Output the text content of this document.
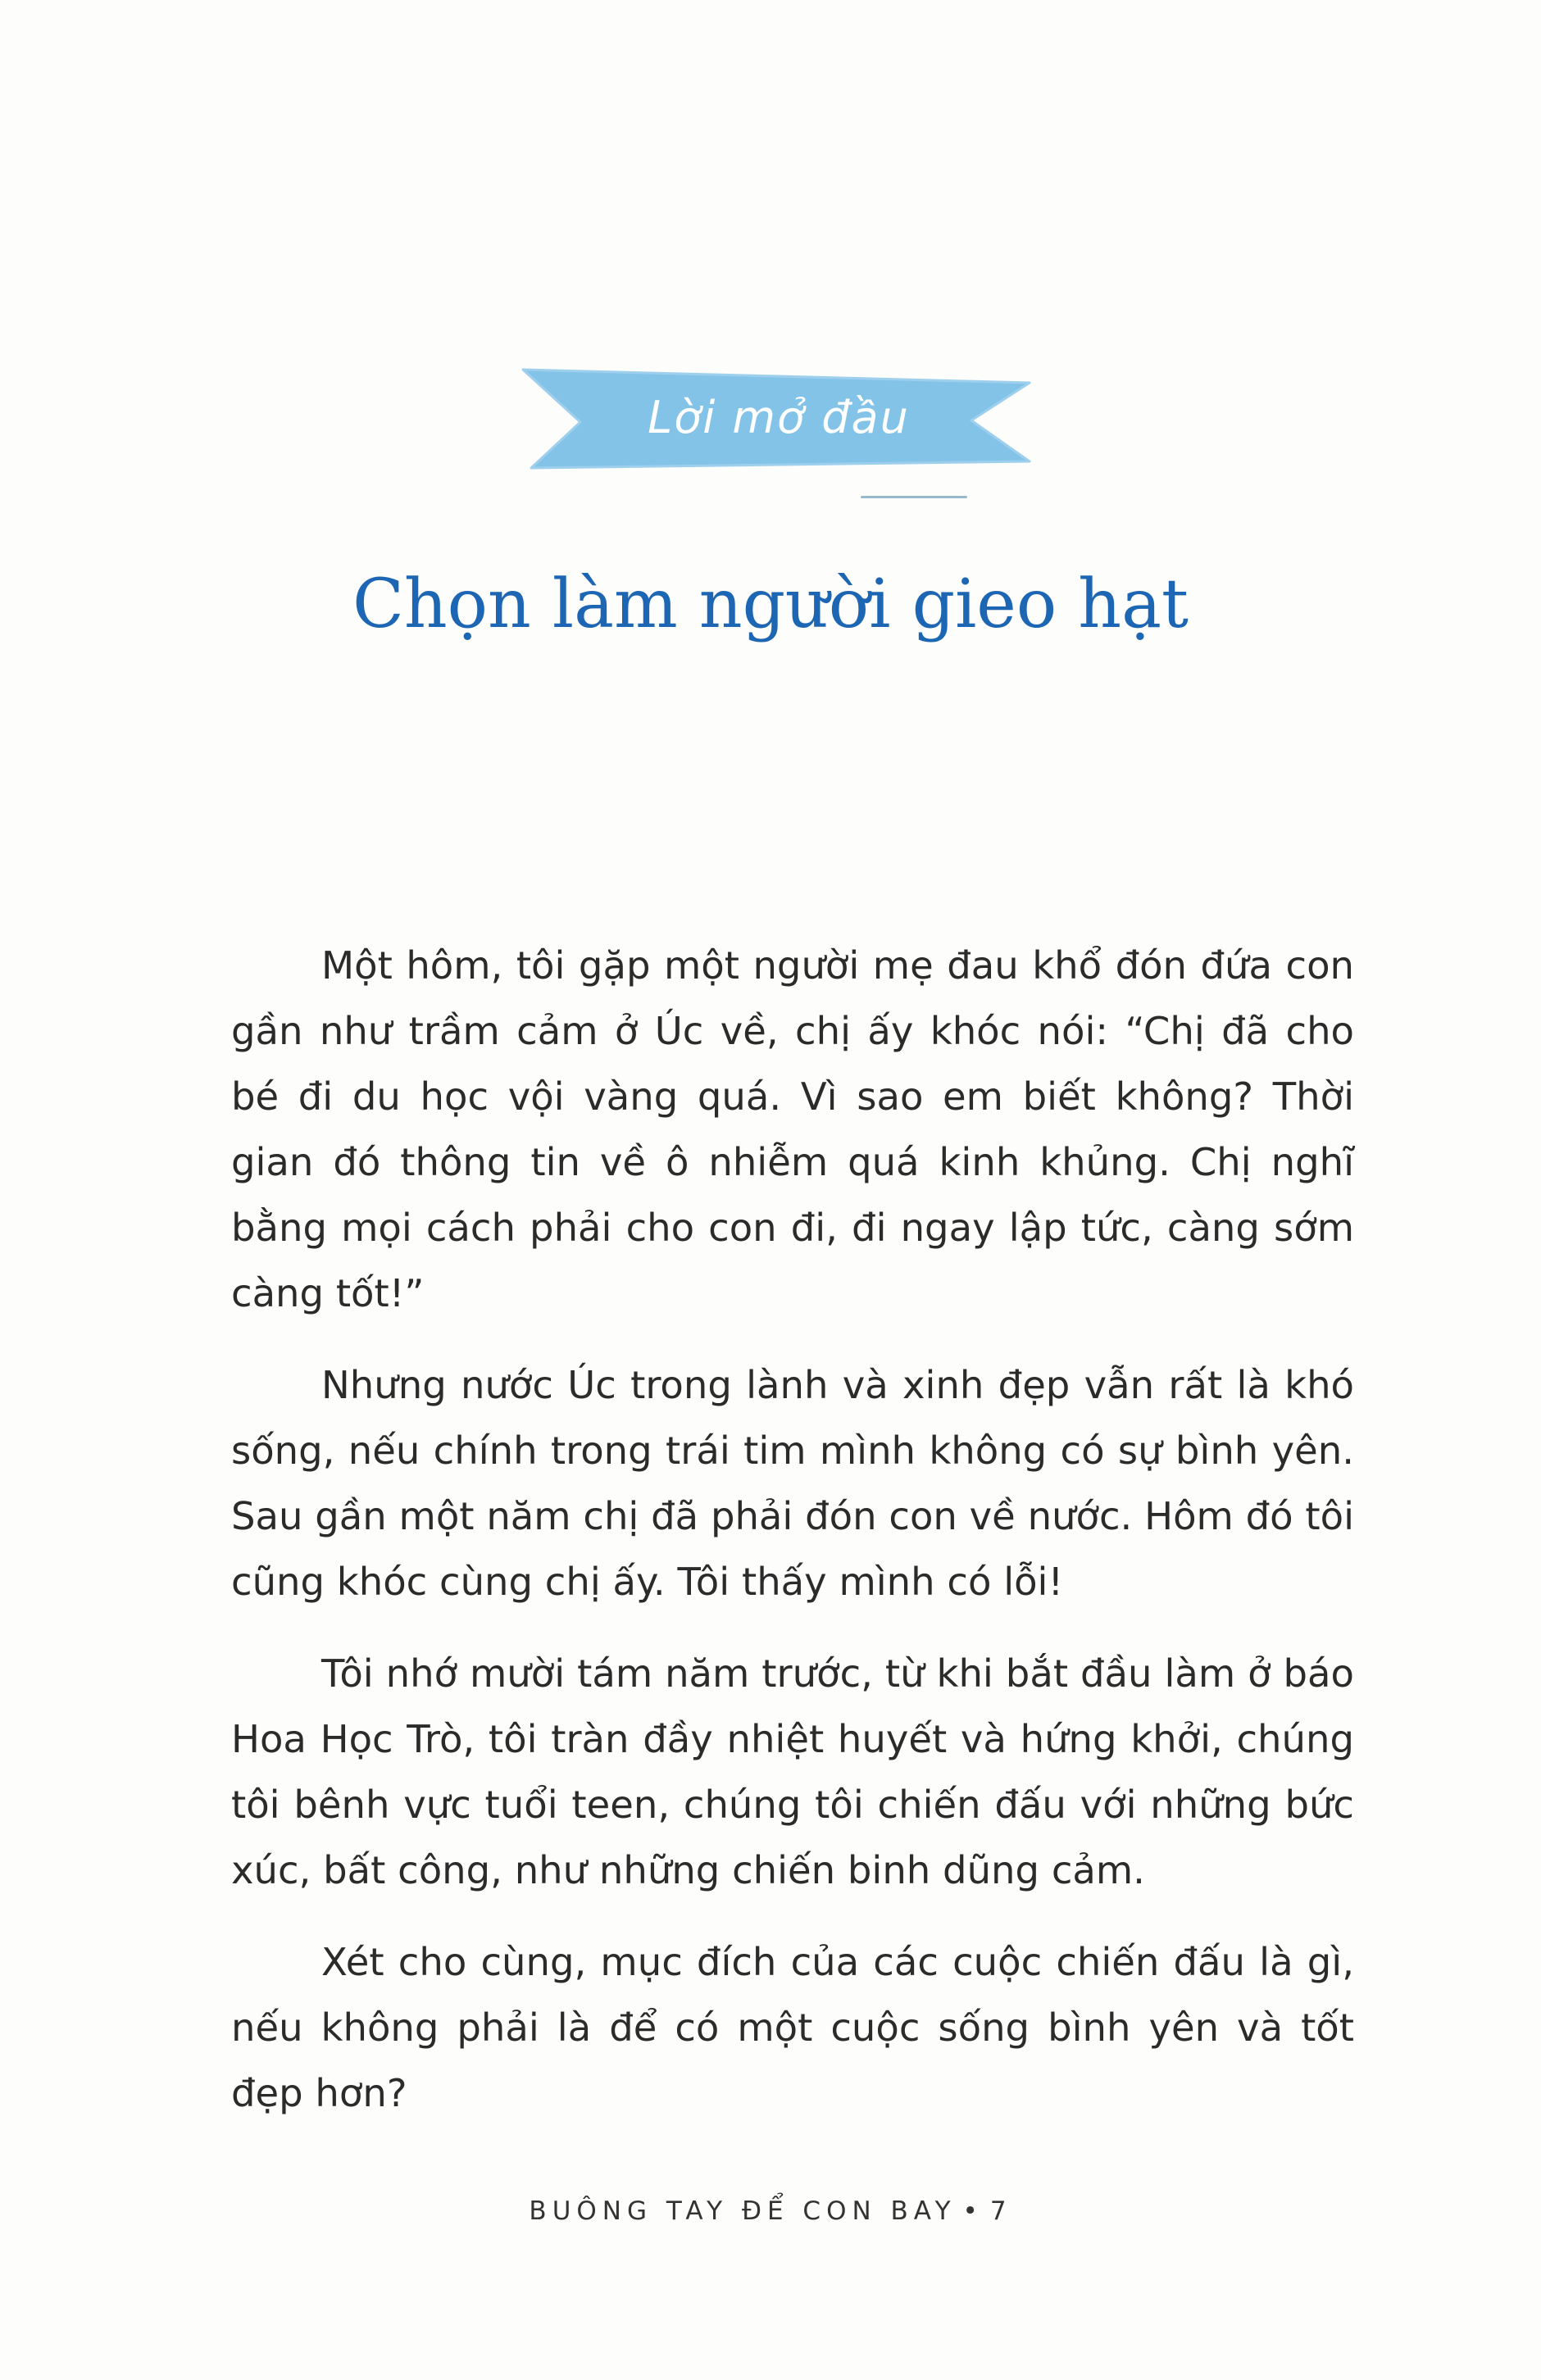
Lời mở đầu
Chọn làm người gieo hạt

Một hôm, tôi gặp một người mẹ đau khổ đón đứa con gần như trầm cảm ở Úc về, chị ấy khóc nói: “Chị đã cho bé đi du học vội vàng quá. Vì sao em biết không? Thời gian đó thông tin về ô nhiễm quá kinh khủng. Chị nghĩ bằng mọi cách phải cho con đi, đi ngay lập tức, càng sớm càng tốt!”

Nhưng nước Úc trong lành và xinh đẹp vẫn rất là khó sống, nếu chính trong trái tim mình không có sự bình yên. Sau gần một năm chị đã phải đón con về nước. Hôm đó tôi cũng khóc cùng chị ấy. Tôi thấy mình có lỗi!

Tôi nhớ mười tám năm trước, từ khi bắt đầu làm ở báo Hoa Học Trò, tôi tràn đầy nhiệt huyết và hứng khởi, chúng tôi bênh vực tuổi teen, chúng tôi chiến đấu với những bức xúc, bất công, như những chiến binh dũng cảm.

Xét cho cùng, mục đích của các cuộc chiến đấu là gì, nếu không phải là để có một cuộc sống bình yên và tốt đẹp hơn?

BUÔNG TAY ĐỂ CON BAY • 7
